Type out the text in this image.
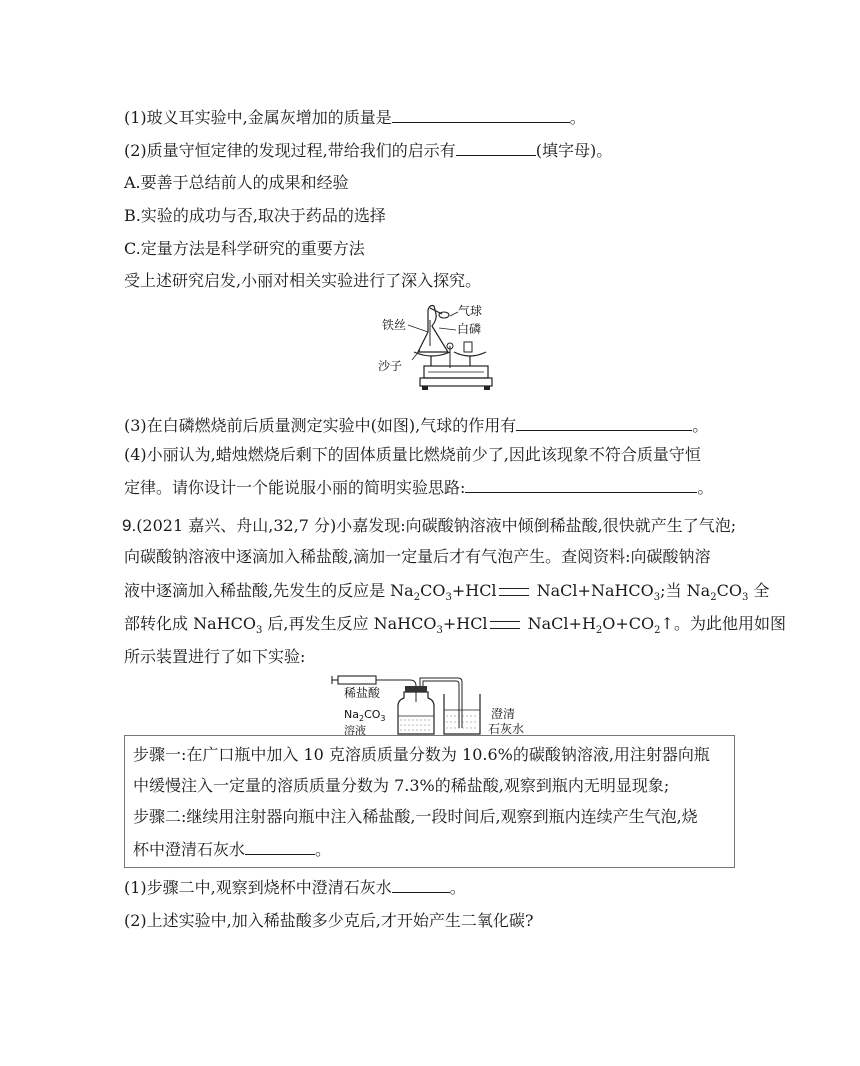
(1)玻义耳实验中,金属灰增加的质量是	。
(2)质量守恒定律的发现过程,带给我们的启示有	(填字母)。
A.要善于总结前人的成果和经验
B.实验的成功与否,取决于药品的选择
C.定量方法是科学研究的重要方法
受上述研究启发,小丽对相关实验进行了深入探究。
气球
铁丝	白磷
沙子
(3)在白磷燃烧前后质量测定实验中(如图),气球的作用有	。
(4)小丽认为,蜡烛燃烧后剩下的固体质量比燃烧前少了,因此该现象不符合质量守恒
定律。请你设计一个能说服小丽的简明实验思路:	。
9.(2021 嘉兴、舟山,32,7 分)小嘉发现:向碳酸钠溶液中倾倒稀盐酸,很快就产生了气泡;
向碳酸钠溶液中逐滴加入稀盐酸,滴加一定量后才有气泡产生。查阅资料:向碳酸钠溶
液中逐滴加入稀盐酸,先发生的反应是 $Na_2CO_3+HCl$ NaCl+NaHCO$_3$;当 $Na_2CO_3$ 全
部转化成 NaHCO$_3$ 后,再发生反应 NaHCO$_3$+HCl $NaCl+H_2O+CO_2↑$。为此他用如图
所示装置进行了如下实验:
稀盐酸
$Na_2CO_3$
溶液
澄清
石灰水
步骤一:在广口瓶中加入 10 克溶质质量分数为 10.6%的碳酸钠溶液,用注射器向瓶
中缓慢注入一定量的溶质质量分数为 7.3%的稀盐酸,观察到瓶内无明显现象;
步骤二:继续用注射器向瓶中注入稀盐酸,一段时间后,观察到瓶内连续产生气泡,烧
杯中澄清石灰水	。
(1)步骤二中,观察到烧杯中澄清石灰水	。
(2)上述实验中,加入稀盐酸多少克后,才开始产生二氧化碳?
